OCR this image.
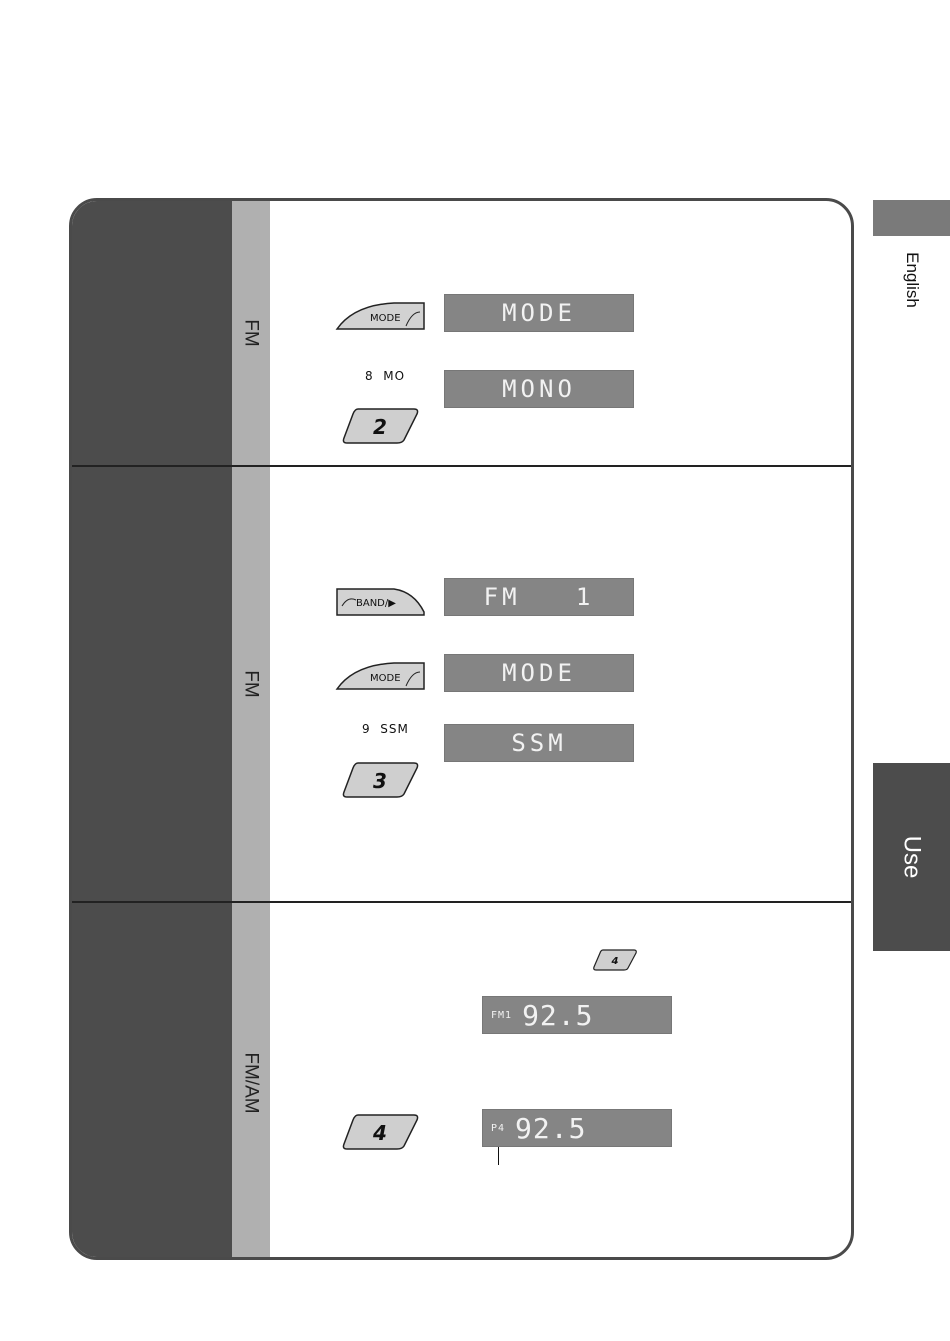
English
Use
FM
FM
FM/AM
MODE	MODE
8  MO	MONO
2
BAND/▶	FM   1
MODE	MODE
9  SSM	SSM
3
4
FM1 92.5
4	P4 92.5
